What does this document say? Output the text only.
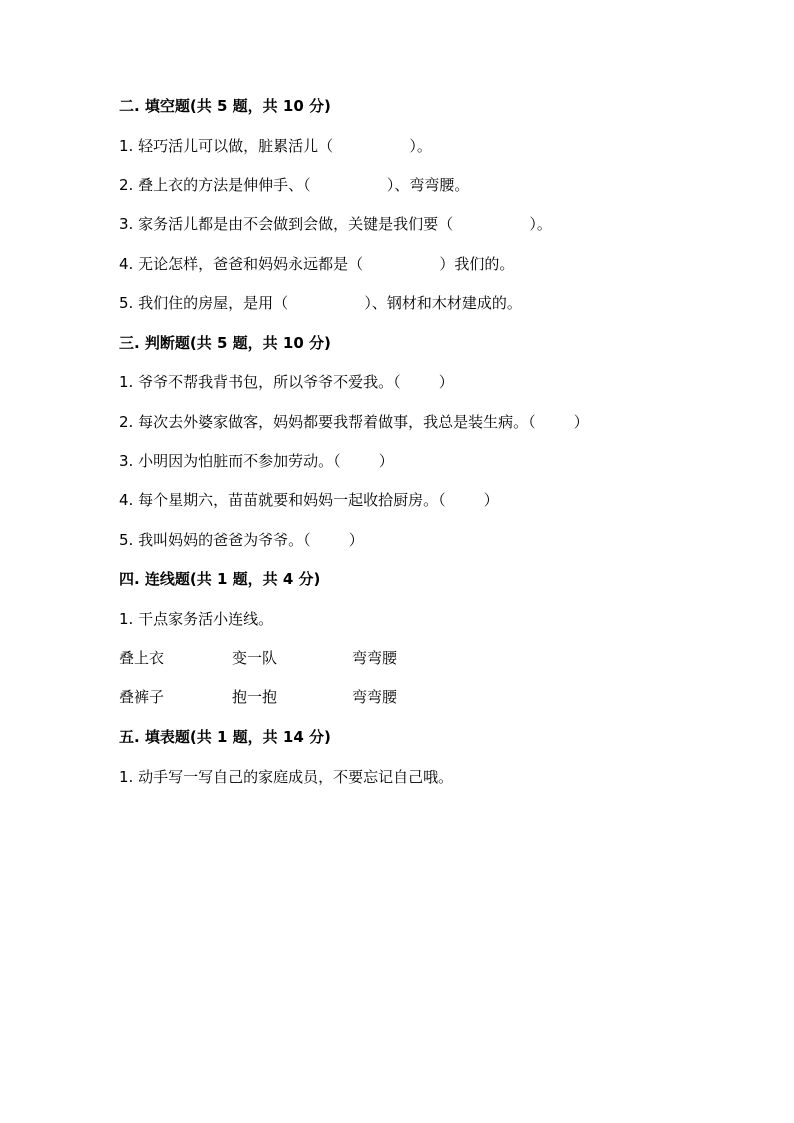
二. 填空题(共 5 题，共 10 分)
1. 轻巧活儿可以做，脏累活儿（                ）。
2. 叠上衣的方法是伸伸手、（                ）、弯弯腰。
3. 家务活儿都是由不会做到会做，关键是我们要（                ）。
4. 无论怎样，爸爸和妈妈永远都是（                ）我们的。
5. 我们住的房屋，是用（                ）、钢材和木材建成的。
三. 判断题(共 5 题，共 10 分)
1. 爷爷不帮我背书包，所以爷爷不爱我。（        ）
2. 每次去外婆家做客，妈妈都要我帮着做事，我总是装生病。（        ）
3. 小明因为怕脏而不参加劳动。（        ）
4. 每个星期六，苗苗就要和妈妈一起收拾厨房。（        ）
5. 我叫妈妈的爸爸为爷爷。（        ）
四. 连线题(共 1 题，共 4 分)
1. 干点家务活小连线。
叠上衣	变一队	弯弯腰
叠裤子	抱一抱	弯弯腰
五. 填表题(共 1 题，共 14 分)
1. 动手写一写自己的家庭成员，不要忘记自己哦。
